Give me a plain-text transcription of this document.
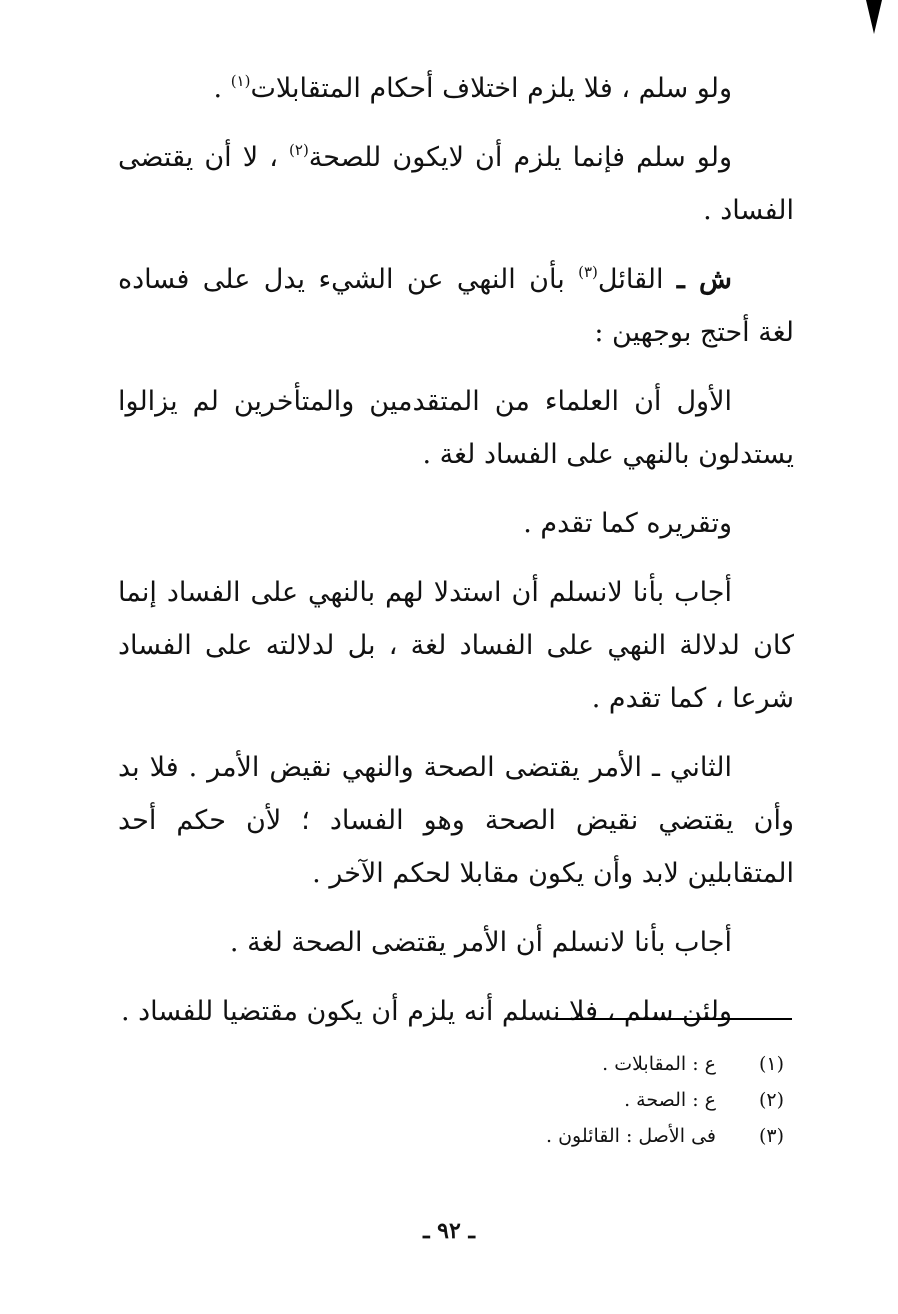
ولو سلم ، فلا يلزم اختلاف أحكام المتقابلات$^{(١)}$ .

ولو سلم فإنما يلزم أن لايكون للصحة$^{(٢)}$ ، لا أن يقتضى الفساد .

ش ـ القائل$^{(٣)}$ بأن النهي عن الشيء يدل على فساده لغة أحتج بوجهين :

الأول أن العلماء من المتقدمين والمتأخرين لم يزالوا يستدلون بالنهي على الفساد لغة .

وتقريره كما تقدم .

أجاب بأنا لانسلم أن استدلا لهم بالنهي على الفساد إنما كان لدلالة النهي على الفساد لغة ، بل لدلالته على الفساد شرعا ، كما تقدم .

الثاني ـ الأمر يقتضى الصحة والنهي نقيض الأمر . فلا بد وأن يقتضي نقيض الصحة وهو الفساد ؛ لأن حكم أحد المتقابلين لابد وأن يكون مقابلا لحكم الآخر .

أجاب بأنا لانسلم أن الأمر يقتضى الصحة لغة .

ولئن سلم ، فلا نسلم أنه يلزم أن يكون مقتضيا للفساد .

(١)
ع : المقابلات .
(٢)
ع : الصحة .
(٣)
فى الأصل : القائلون .
ـ ٩٢ ـ
